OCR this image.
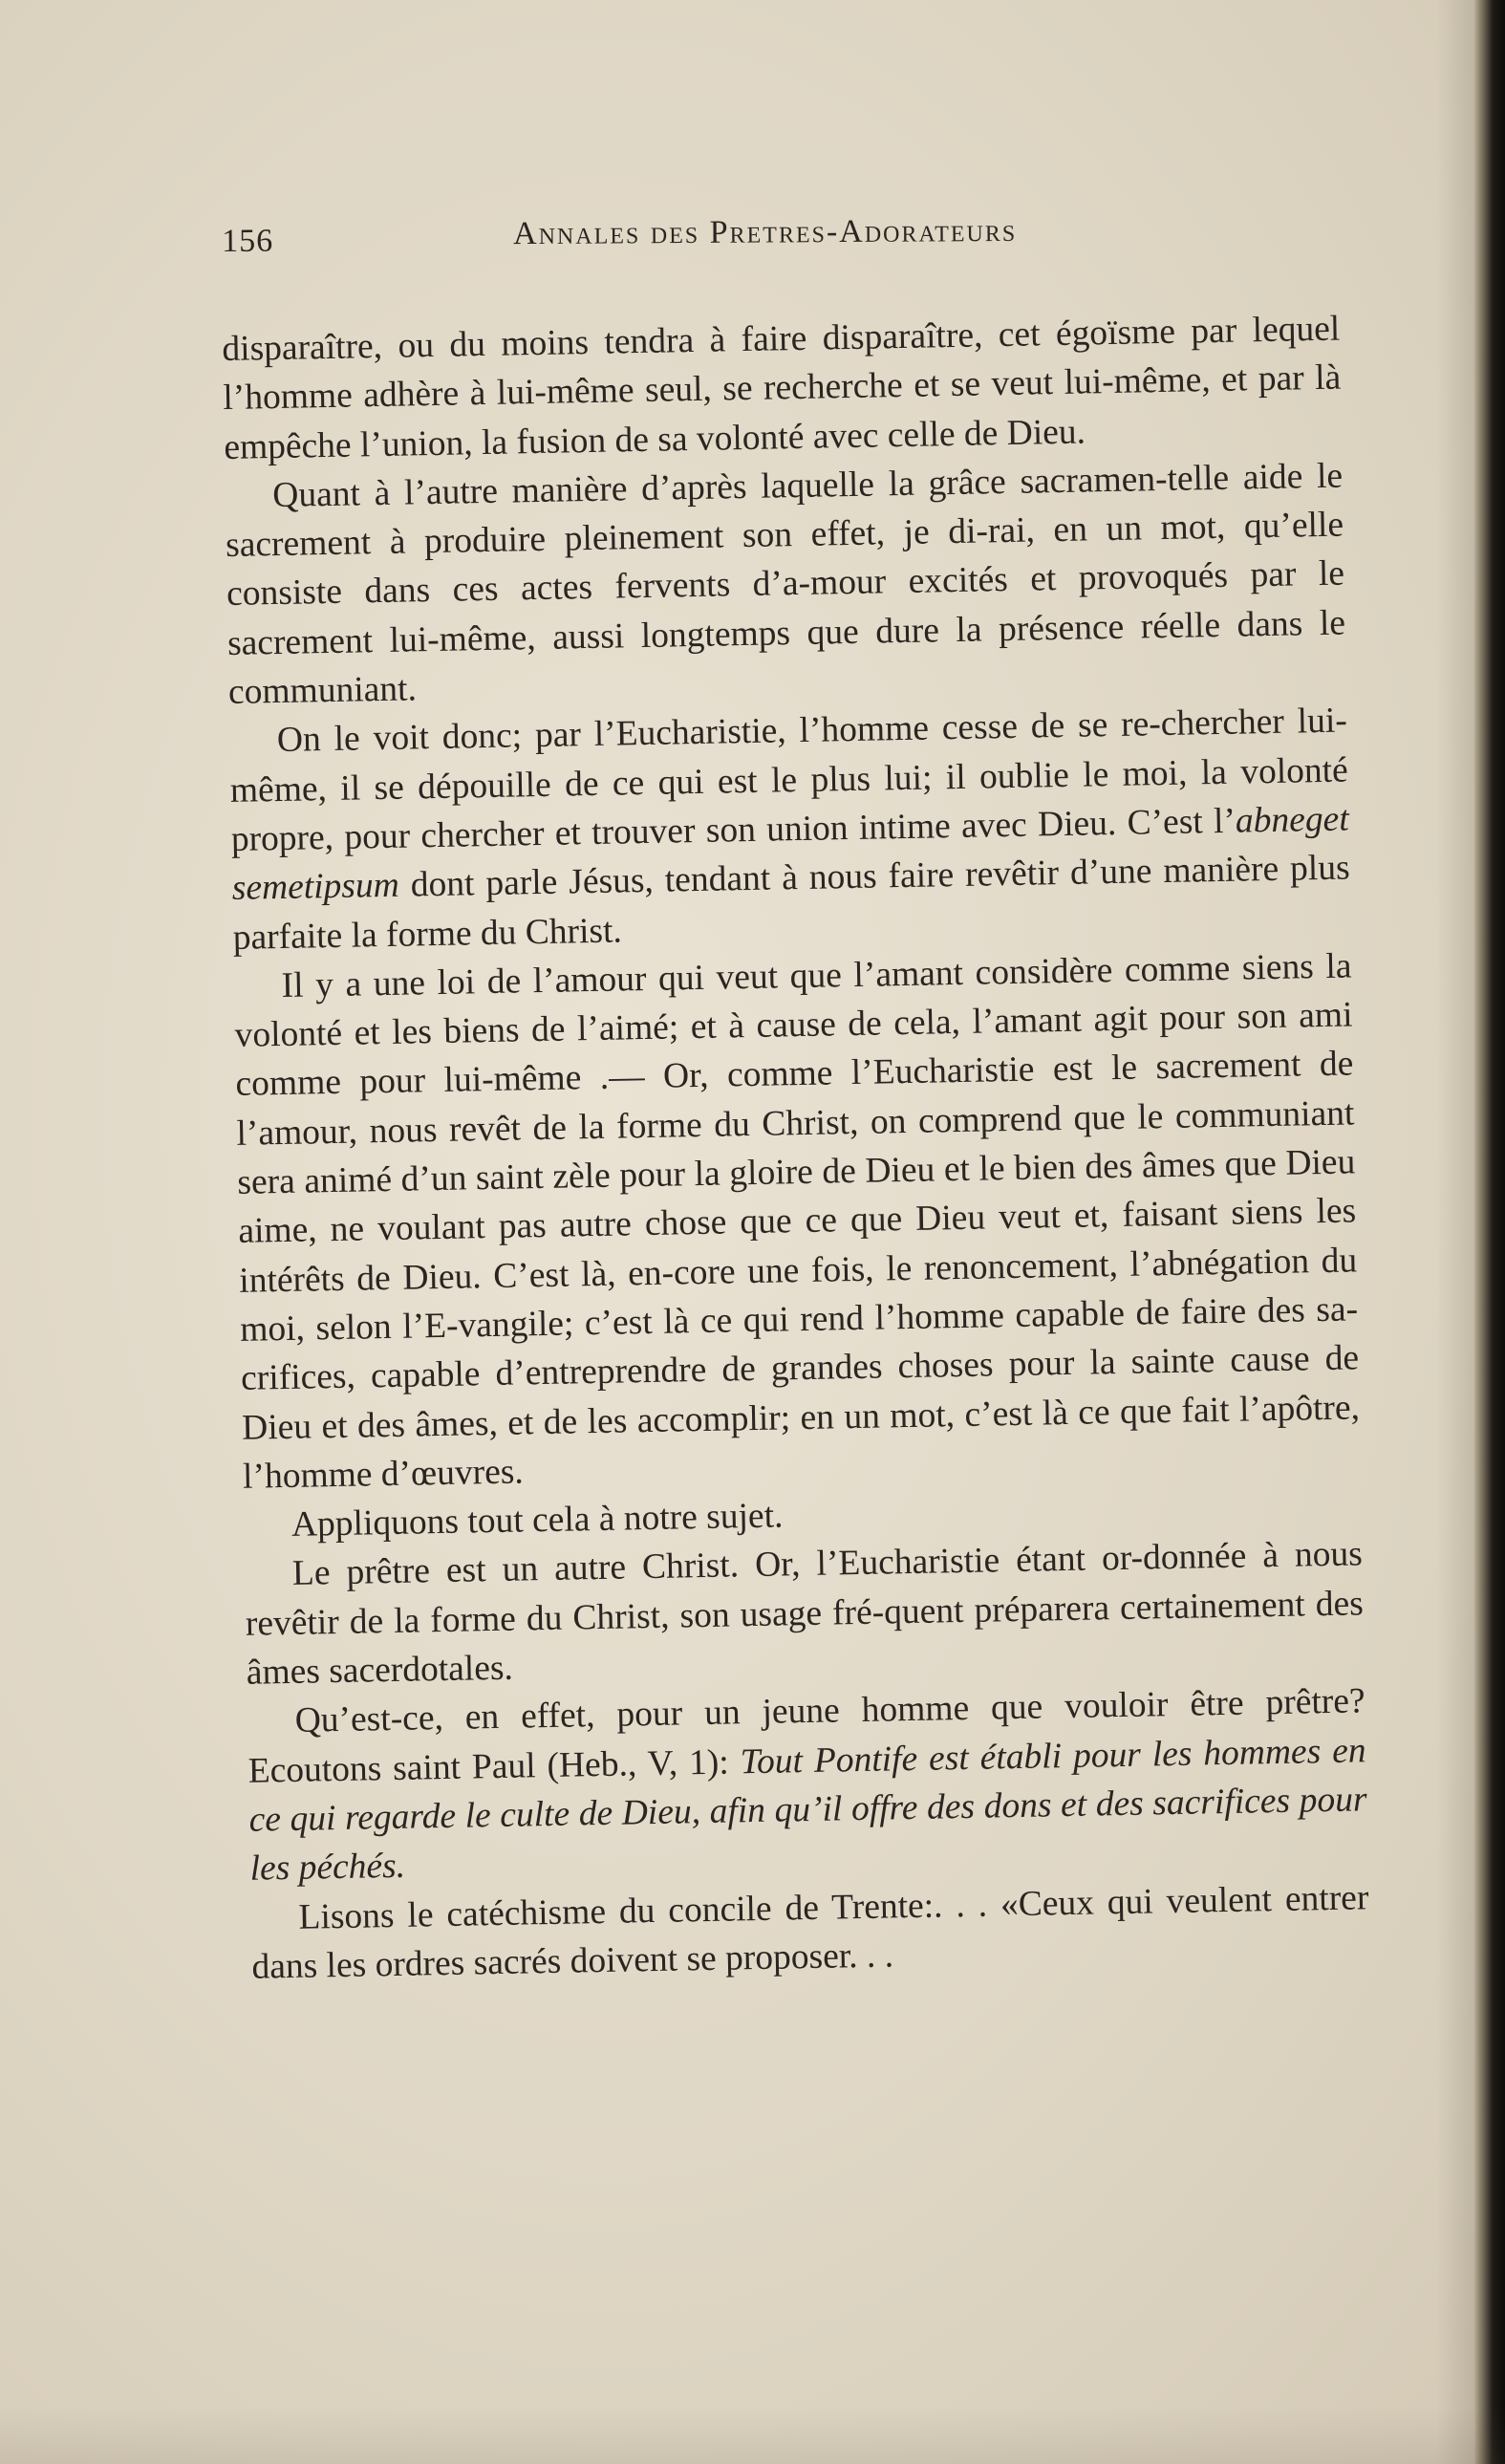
156	Annales des Pretres-Adorateurs

disparaître, ou du moins tendra à faire disparaître, cet égoïsme par lequel l’homme adhère à lui-même seul, se recherche et se veut lui-même, et par là empêche l’union, la fusion de sa volonté avec celle de Dieu.

Quant à l’autre manière d’après laquelle la grâce sacramen-telle aide le sacrement à produire pleinement son effet, je di-rai, en un mot, qu’elle consiste dans ces actes fervents d’a-mour excités et provoqués par le sacrement lui-même, aussi longtemps que dure la présence réelle dans le communiant.

On le voit donc; par l’Eucharistie, l’homme cesse de se re-chercher lui-même, il se dépouille de ce qui est le plus lui; il oublie le moi, la volonté propre, pour chercher et trouver son union intime avec Dieu. C’est l’abneget semetipsum dont parle Jésus, tendant à nous faire revêtir d’une manière plus parfaite la forme du Christ.

Il y a une loi de l’amour qui veut que l’amant considère comme siens la volonté et les biens de l’aimé; et à cause de cela, l’amant agit pour son ami comme pour lui-même .— Or, comme l’Eucharistie est le sacrement de l’amour, nous revêt de la forme du Christ, on comprend que le communiant sera animé d’un saint zèle pour la gloire de Dieu et le bien des âmes que Dieu aime, ne voulant pas autre chose que ce que Dieu veut et, faisant siens les intérêts de Dieu. C’est là, en-core une fois, le renoncement, l’abnégation du moi, selon l’E-vangile; c’est là ce qui rend l’homme capable de faire des sa-crifices, capable d’entreprendre de grandes choses pour la sainte cause de Dieu et des âmes, et de les accomplir; en un mot, c’est là ce que fait l’apôtre, l’homme d’œuvres.

Appliquons tout cela à notre sujet.

Le prêtre est un autre Christ. Or, l’Eucharistie étant or-donnée à nous revêtir de la forme du Christ, son usage fré-quent préparera certainement des âmes sacerdotales.

Qu’est-ce, en effet, pour un jeune homme que vouloir être prêtre? Ecoutons saint Paul (Heb., V, 1): Tout Pontife est établi pour les hommes en ce qui regarde le culte de Dieu, afin qu’il offre des dons et des sacrifices pour les péchés.

Lisons le catéchisme du concile de Trente:. . . «Ceux qui veulent entrer dans les ordres sacrés doivent se proposer. . .
